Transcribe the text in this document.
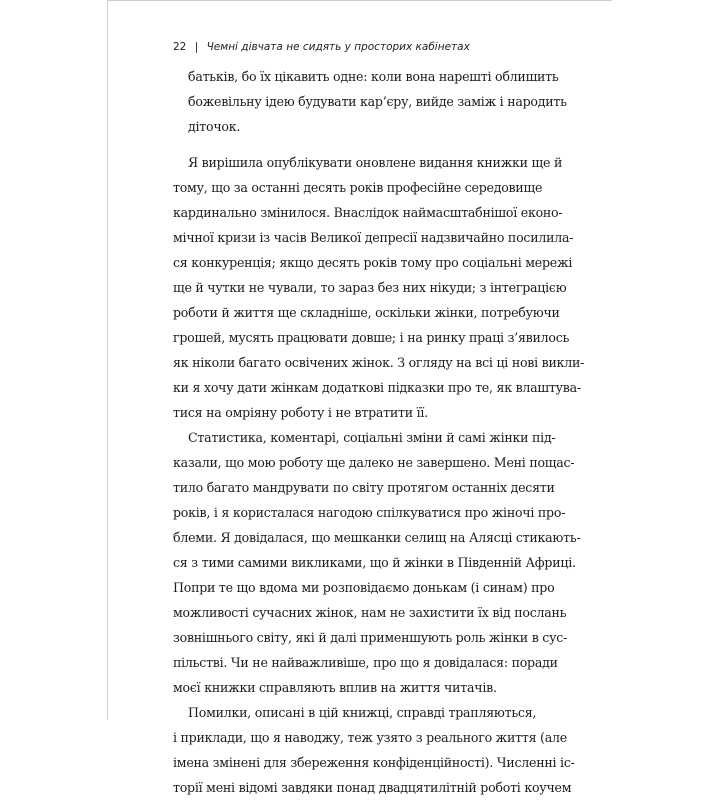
22 | Чемні дівчата не сидять у просторих кабінетах
батьків, бо їх цікавить одне: коли вона нарешті облишить
божевільну ідею будувати кар’єру, вийде заміж і народить
діточок.
Я вирішила опублікувати оновлене видання книжки ще й
тому, що за останні десять років професійне середовище
кардинально змінилося. Внаслідок наймасштабнішої еконо-
мічної кризи із часів Великої депресії надзвичайно посилила-
ся конкуренція; якщо десять років тому про соціальні мережі
ще й чутки не чували, то зараз без них нікуди; з інтеграцією
роботи й життя ще складніше, оскільки жінки, потребуючи
грошей, мусять працювати довше; і на ринку праці з’явилось
як ніколи багато освічених жінок. З огляду на всі ці нові викли-
ки я хочу дати жінкам додаткові підказки про те, як влаштува-
тися на омріяну роботу і не втратити її.
Статистика, коментарі, соціальні зміни й самі жінки під-
казали, що мою роботу ще далеко не завершено. Мені пощас-
тило багато мандрувати по світу протягом останніх десяти
років, і я користалася нагодою спілкуватися про жіночі про-
блеми. Я довідалася, що мешканки селищ на Алясці стикають-
ся з тими самими викликами, що й жінки в Південній Африці.
Попри те що вдома ми розповідаємо донькам (і синам) про
можливості сучасних жінок, нам не захистити їх від послань
зовнішнього світу, які й далі применшують роль жінки в сус-
пільстві. Чи не найважливіше, про що я довідалася: поради
моєї книжки справляють вплив на життя читачів.
Помилки, описані в цій книжці, справді трапляються,
і приклади, що я наводжу, теж узято з реального життя (але
імена змінені для збереження конфіденційності). Численні іс-
торії мені відомі завдяки понад двадцятилітній роботі коучем
